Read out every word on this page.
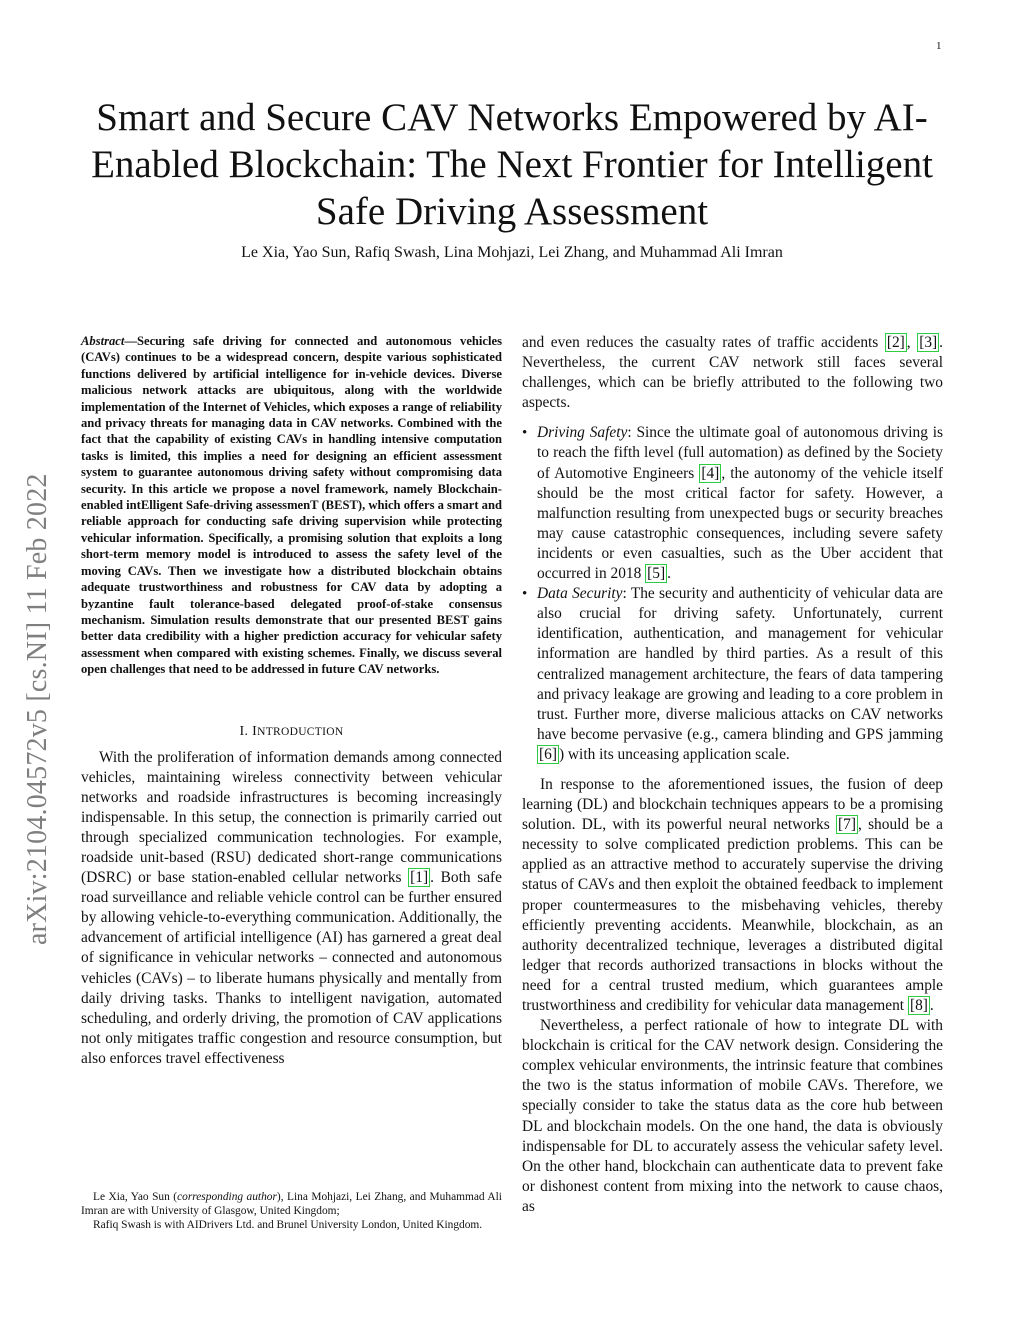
1
arXiv:2104.04572v5 [cs.NI] 11 Feb 2022
Smart and Secure CAV Networks Empowered by AI-Enabled Blockchain: The Next Frontier for Intelligent Safe Driving Assessment
Le Xia, Yao Sun, Rafiq Swash, Lina Mohjazi, Lei Zhang, and Muhammad Ali Imran

Abstract—Securing safe driving for connected and autonomous vehicles (CAVs) continues to be a widespread concern, despite various sophisticated functions delivered by artificial intelligence for in-vehicle devices. Diverse malicious network attacks are ubiquitous, along with the worldwide implementation of the Internet of Vehicles, which exposes a range of reliability and privacy threats for managing data in CAV networks. Combined with the fact that the capability of existing CAVs in handling intensive computation tasks is limited, this implies a need for designing an efficient assessment system to guarantee autonomous driving safety without compromising data security. In this article we propose a novel framework, namely Blockchain-enabled intElligent Safe-driving assessmenT (BEST), which offers a smart and reliable approach for conducting safe driving supervision while protecting vehicular information. Specifically, a promising solution that exploits a long short-term memory model is introduced to assess the safety level of the moving CAVs. Then we investigate how a distributed blockchain obtains adequate trustworthiness and robustness for CAV data by adopting a byzantine fault tolerance-based delegated proof-of-stake consensus mechanism. Simulation results demonstrate that our presented BEST gains better data credibility with a higher prediction accuracy for vehicular safety assessment when compared with existing schemes. Finally, we discuss several open challenges that need to be addressed in future CAV networks.

I. INTRODUCTION

With the proliferation of information demands among connected vehicles, maintaining wireless connectivity between vehicular networks and roadside infrastructures is becoming increasingly indispensable. In this setup, the connection is primarily carried out through specialized communication technologies. For example, roadside unit-based (RSU) dedicated short-range communications (DSRC) or base station-enabled cellular networks [1] . Both safe road surveillance and reliable vehicle control can be further ensured by allowing vehicle-to-everything communication. Additionally, the advancement of artificial intelligence (AI) has garnered a great deal of significance in vehicular networks – connected and autonomous vehicles (CAVs) – to liberate humans physically and mentally from daily driving tasks. Thanks to intelligent navigation, automated scheduling, and orderly driving, the promotion of CAV applications not only mitigates traffic congestion and resource consumption, but also enforces travel effectiveness

and even reduces the casualty rates of traffic accidents [2] , [3] . Nevertheless, the current CAV network still faces several challenges, which can be briefly attributed to the following two aspects.

• Driving Safety: Since the ultimate goal of autonomous driving is to reach the fifth level (full automation) as defined by the Society of Automotive Engineers [4] , the autonomy of the vehicle itself should be the most critical factor for safety. However, a malfunction resulting from unexpected bugs or security breaches may cause catastrophic consequences, including severe safety incidents or even casualties, such as the Uber accident that occurred in 2018 [5] .
• Data Security: The security and authenticity of vehicular data are also crucial for driving safety. Unfortunately, current identification, authentication, and management for vehicular information are handled by third parties. As a result of this centralized management architecture, the fears of data tampering and privacy leakage are growing and leading to a core problem in trust. Further more, diverse malicious attacks on CAV networks have become pervasive (e.g., camera blinding and GPS jamming [6] ) with its unceasing application scale.

In response to the aforementioned issues, the fusion of deep learning (DL) and blockchain techniques appears to be a promising solution. DL, with its powerful neural networks [7] , should be a necessity to solve complicated prediction problems. This can be applied as an attractive method to accurately supervise the driving status of CAVs and then exploit the obtained feedback to implement proper countermeasures to the misbehaving vehicles, thereby efficiently preventing accidents. Meanwhile, blockchain, as an authority decentralized technique, leverages a distributed digital ledger that records authorized transactions in blocks without the need for a central trusted medium, which guarantees ample trustworthiness and credibility for vehicular data management [8] .

Nevertheless, a perfect rationale of how to integrate DL with blockchain is critical for the CAV network design. Considering the complex vehicular environments, the intrinsic feature that combines the two is the status information of mobile CAVs. Therefore, we specially consider to take the status data as the core hub between DL and blockchain models. On the one hand, the data is obviously indispensable for DL to accurately assess the vehicular safety level. On the other hand, blockchain can authenticate data to prevent fake or dishonest content from mixing into the network to cause chaos, as

Le Xia, Yao Sun (corresponding author), Lina Mohjazi, Lei Zhang, and Muhammad Ali Imran are with University of Glasgow, United Kingdom;

Rafiq Swash is with AIDrivers Ltd. and Brunel University London, United Kingdom.
